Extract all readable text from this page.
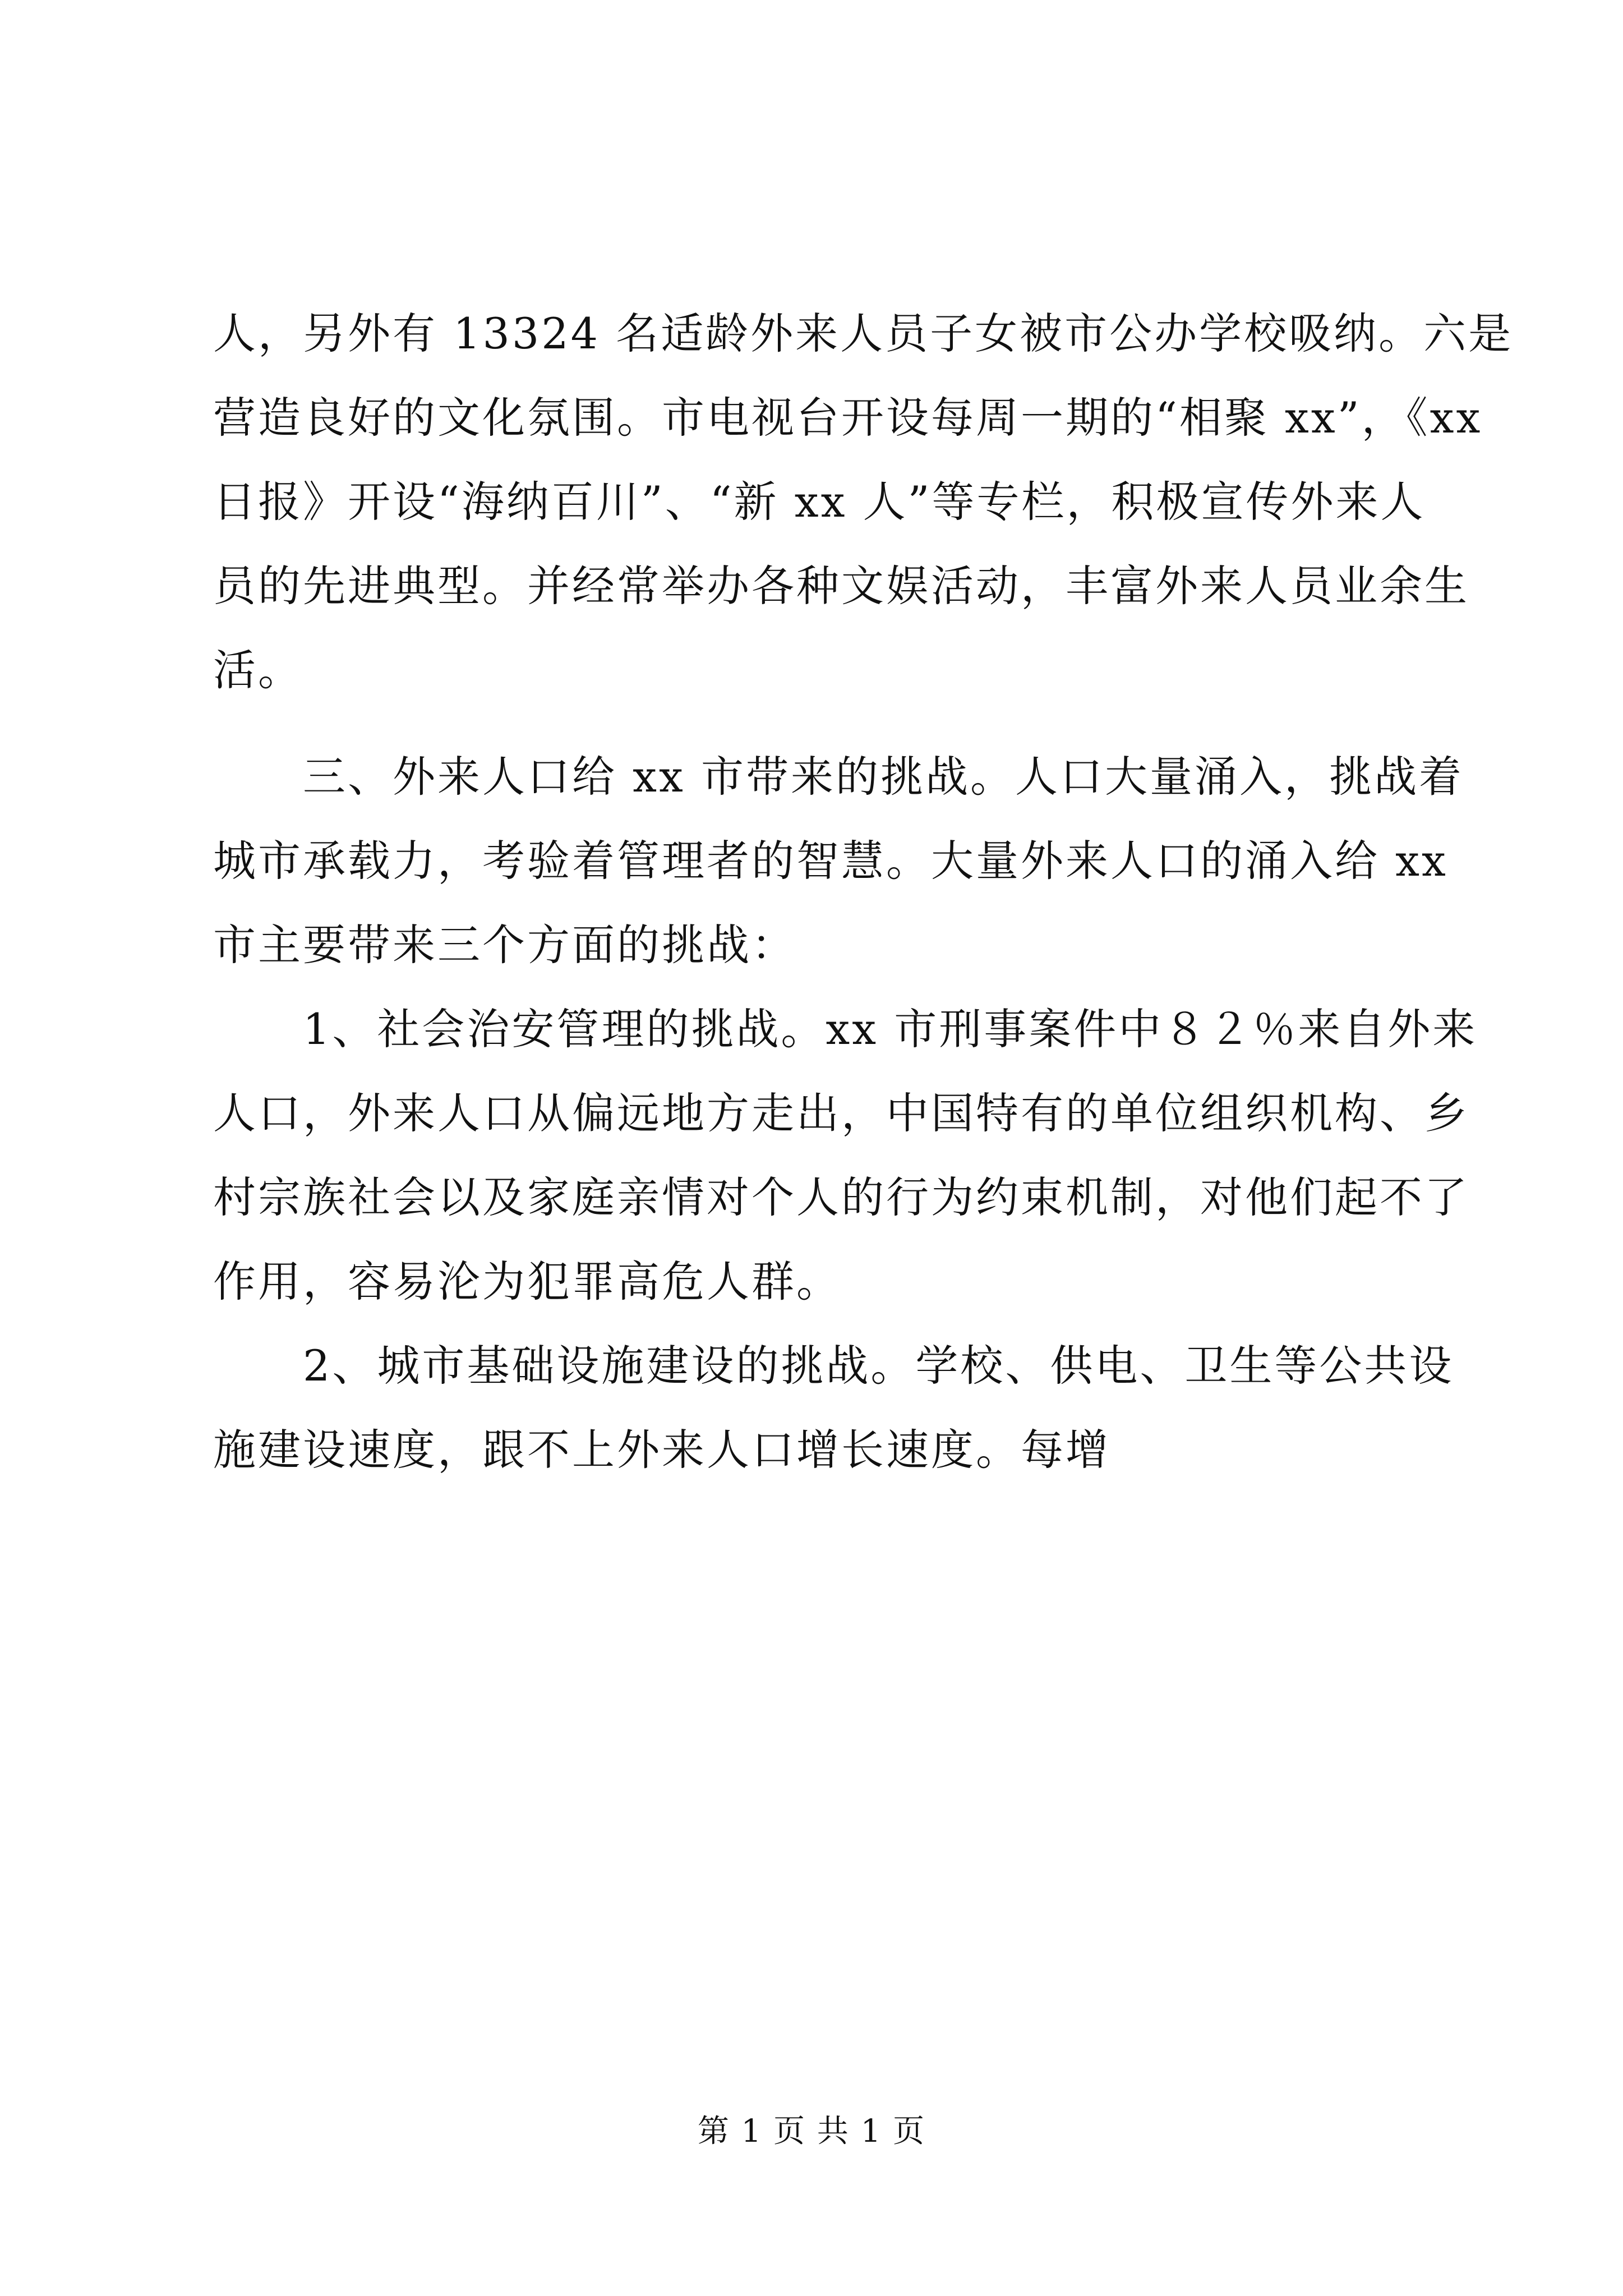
人，另外有 13324 名适龄外来人员子女被市公办学校吸纳。六是
营造良好的文化氛围。市电视台开设每周一期的“相聚 xx”，《xx
日报》开设“海纳百川”、“新 xx 人”等专栏，积极宣传外来人
员的先进典型。并经常举办各种文娱活动，丰富外来人员业余生
活。
　　三、外来人口给 xx 市带来的挑战。人口大量涌入，挑战着
城市承载力，考验着管理者的智慧。大量外来人口的涌入给 xx
市主要带来三个方面的挑战：
　　1、社会治安管理的挑战。xx 市刑事案件中８２％来自外来
人口，外来人口从偏远地方走出，中国特有的单位组织机构、乡
村宗族社会以及家庭亲情对个人的行为约束机制，对他们起不了
作用，容易沦为犯罪高危人群。
　　2、城市基础设施建设的挑战。学校、供电、卫生等公共设
施建设速度，跟不上外来人口增长速度。每增
第 1 页 共 1 页
